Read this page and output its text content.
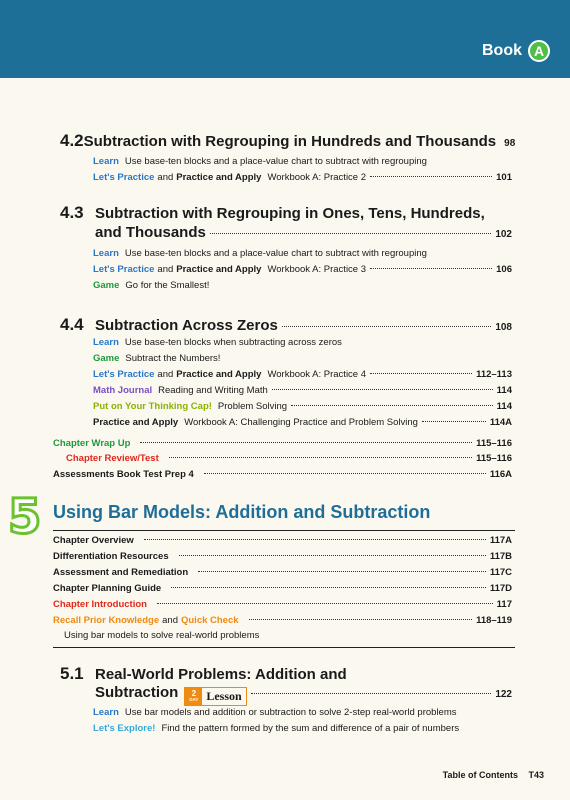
Book A
4.2 Subtraction with Regrouping in Hundreds and Thousands 98
Learn Use base-ten blocks and a place-value chart to subtract with regrouping
Let's Practice and Practice and Apply Workbook A: Practice 2	101
4.3 Subtraction with Regrouping in Ones, Tens, Hundreds,
and Thousands	102
Learn Use base-ten blocks and a place-value chart to subtract with regrouping
Let's Practice and Practice and Apply Workbook A: Practice 3	106
Game Go for the Smallest!
4.4 Subtraction Across Zeros	108
Learn Use base-ten blocks when subtracting across zeros
Game Subtract the Numbers!
Let's Practice and Practice and Apply Workbook A: Practice 4	112–113
Math Journal Reading and Writing Math	114
Put on Your Thinking Cap! Problem Solving	114
Practice and Apply Workbook A: Challenging Practice and Problem Solving	114A
Chapter Wrap Up	115–116
Chapter Review/Test	115–116
Assessments Book Test Prep 4	116A
5 Using Bar Models: Addition and Subtraction
Chapter Overview	117A
Differentiation Resources	117B
Assessment and Remediation	117C
Chapter Planning Guide	117D
Chapter Introduction	117
Recall Prior Knowledge and Quick Check	118–119
Using bar models to solve real-world problems
5.1 Real-World Problems: Addition and
Subtraction 2
DAY Lesson	122
Learn Use bar models and addition or subtraction to solve 2-step real-world problems
Let's Explore! Find the pattern formed by the sum and difference of a pair of numbers
Table of Contents T43
